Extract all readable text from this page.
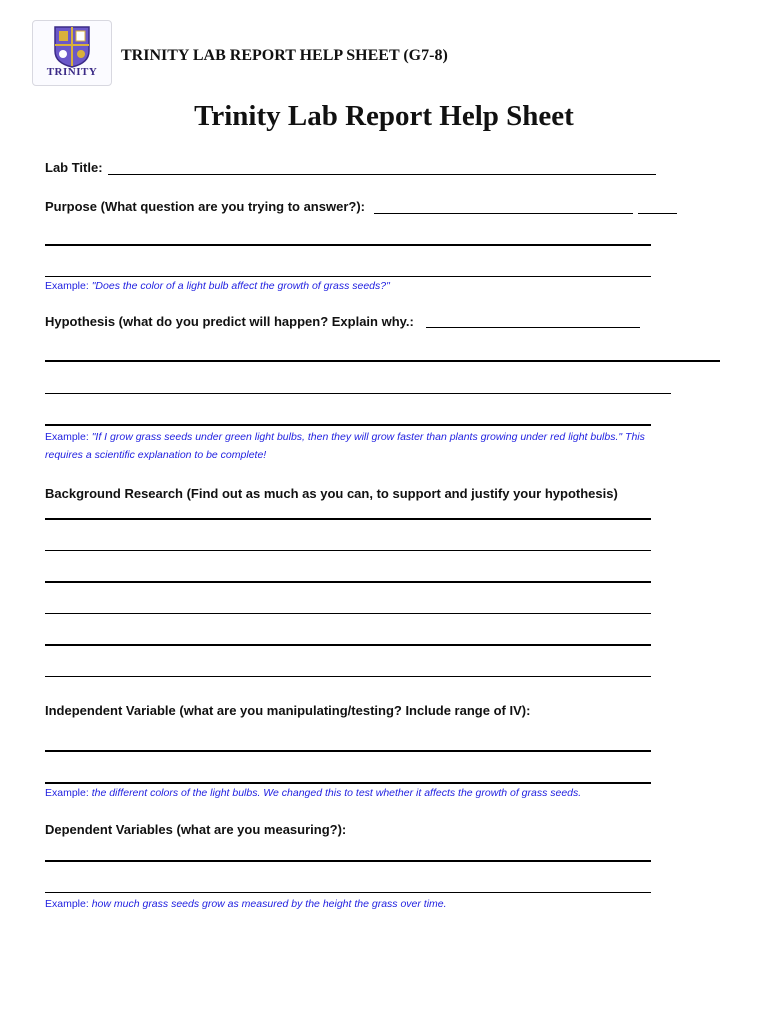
TRINITY
TRINITY LAB REPORT HELP SHEET (G7-8)
Trinity Lab Report Help Sheet
Lab Title:
Purpose (What question are you trying to answer?):
Example: "Does the color of a light bulb affect the growth of grass seeds?"
Hypothesis (what do you predict will happen? Explain why.:
Example: "If I grow grass seeds under green light bulbs, then they will grow faster than plants growing under red light bulbs." This
requires a scientific explanation to be complete!
Background Research (Find out as much as you can, to support and justify your hypothesis)
Independent Variable (what are you manipulating/testing? Include range of IV):
Example: the different colors of the light bulbs. We changed this to test whether it affects the growth of grass seeds.
Dependent Variables (what are you measuring?):
Example: how much grass seeds grow as measured by the height the grass over time.
